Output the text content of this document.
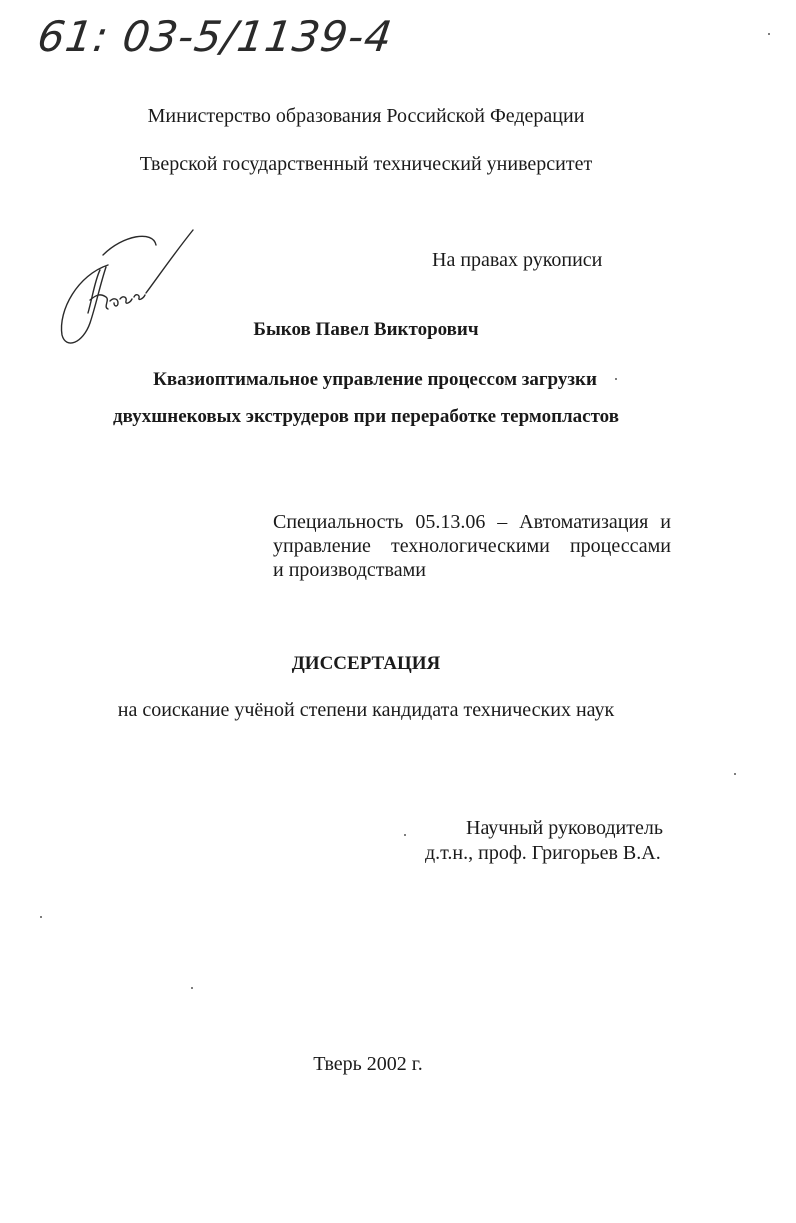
61: 03-5/1139-4
Министерство образования Российской Федерации
Тверской государственный технический университет
На правах рукописи
Быков Павел Викторович
Квазиоптимальное управление процессом загрузки
двухшнековых экструдеров при переработке термопластов
Специальность 05.13.06 – Автоматизация и
управление технологическими процессами
и производствами
ДИССЕРТАЦИЯ
на соискание учёной степени кандидата технических наук
Научный руководитель
д.т.н., проф. Григорьев В.А.
Тверь 2002 г.
